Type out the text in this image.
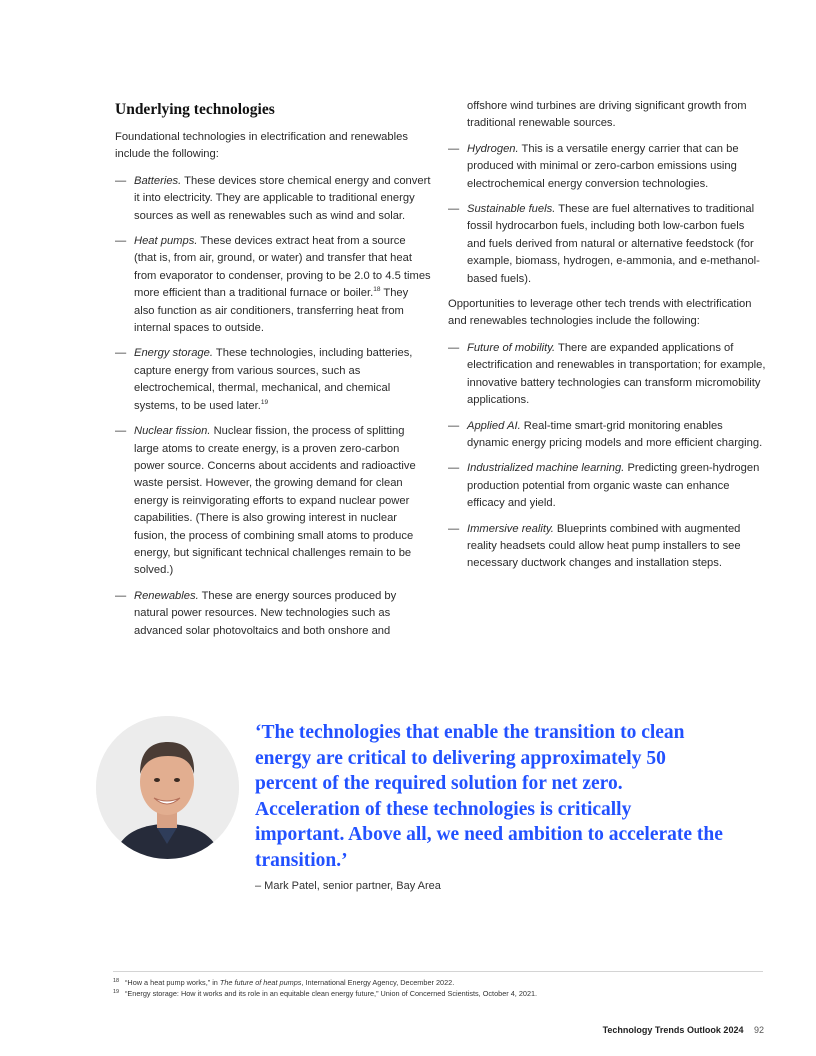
Underlying technologies

Foundational technologies in electrification and renewables include the following:

— Batteries. These devices store chemical energy and convert it into electricity. They are applicable to traditional energy sources as well as renewables such as wind and solar.
— Heat pumps. These devices extract heat from a source (that is, from air, ground, or water) and transfer that heat from evaporator to condenser, proving to be 2.0 to 4.5 times more efficient than a traditional furnace or boiler.$^{18}$ They also function as air conditioners, transferring heat from internal spaces to outside.
— Energy storage. These technologies, including batteries, capture energy from various sources, such as electrochemical, thermal, mechanical, and chemical systems, to be used later.$^{19}$
— Nuclear fission. Nuclear fission, the process of splitting large atoms to create energy, is a proven zero-carbon power source. Concerns about accidents and radioactive waste persist. However, the growing demand for clean energy is reinvigorating efforts to expand nuclear power capabilities. (There is also growing interest in nuclear fusion, the process of combining small atoms to produce energy, but significant technical challenges remain to be solved.)
— Renewables. These are energy sources produced by natural power resources. New technologies such as advanced solar photovoltaics and both onshore and

offshore wind turbines are driving significant growth from traditional renewable sources.

— Hydrogen. This is a versatile energy carrier that can be produced with minimal or zero-carbon emissions using electrochemical energy conversion technologies.
— Sustainable fuels. These are fuel alternatives to traditional fossil hydrocarbon fuels, including both low-carbon fuels and fuels derived from natural or alternative feedstock (for example, biomass, hydrogen, e-ammonia, and e-methanol-based fuels).

Opportunities to leverage other tech trends with electrification and renewables technologies include the following:

— Future of mobility. There are expanded applications of electrification and renewables in transportation; for example, innovative battery technologies can transform micromobility applications.
— Applied AI. Real-time smart-grid monitoring enables dynamic energy pricing models and more efficient charging.
— Industrialized machine learning. Predicting green-hydrogen production potential from organic waste can enhance efficacy and yield.
— Immersive reality. Blueprints combined with augmented reality headsets could allow heat pump installers to see necessary ductwork changes and installation steps.

‘The technologies that enable the transition to clean energy are critical to delivering approximately 50 percent of the required solution for net zero. Acceleration of these technologies is critically important. Above all, we need ambition to accelerate the transition.’

– Mark Patel, senior partner, Bay Area
18 “How a heat pump works,” in The future of heat pumps, International Energy Agency, December 2022.
19 “Energy storage: How it works and its role in an equitable clean energy future,” Union of Concerned Scientists, October 4, 2021.
Technology Trends Outlook 2024 92
